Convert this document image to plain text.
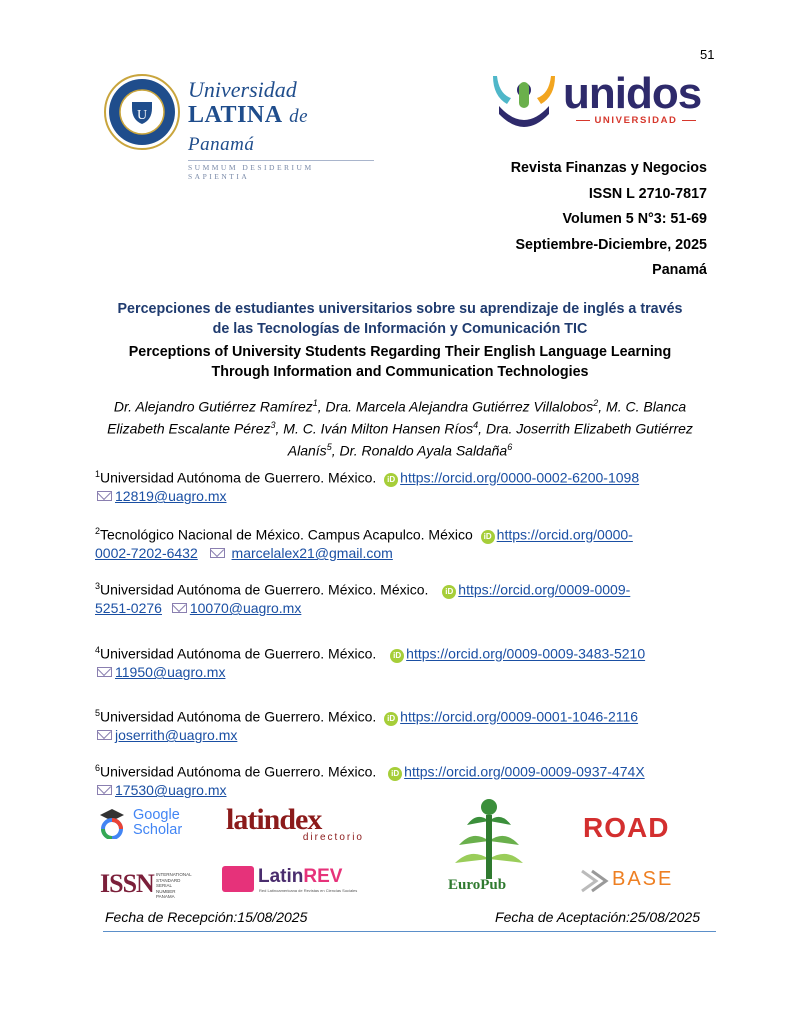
51
U
Universidad
LATINA de Panamá
SUMMUM DESIDERIUM SAPIENTIA
unidos
UNIVERSIDAD
Revista Finanzas y Negocios
ISSN L 2710-7817
Volumen 5 N°3: 51-69
Septiembre-Diciembre, 2025
Panamá
Percepciones de estudiantes universitarios sobre su aprendizaje de inglés a través
de las Tecnologías de Información y Comunicación TIC
Perceptions of University Students Regarding Their English Language Learning
Through Information and Communication Technologies
Dr. Alejandro Gutiérrez Ramírez$^1$, Dra. Marcela Alejandra Gutiérrez Villalobos$^2$, M. C. Blanca Elizabeth Escalante Pérez$^3$, M. C. Iván Milton Hansen Ríos$^4$, Dra. Joserrith Elizabeth Gutiérrez Alanís$^5$, Dr. Ronaldo Ayala Saldaña$^6$
$^1$Universidad Autónoma de Guerrero. México. iD https://orcid.org/0000-0002-6200-1098
12819@uagro.mx
$^2$Tecnológico Nacional de México. Campus Acapulco. México iD https://orcid.org/0000-
0002-7202-6432 marcelalex21@gmail.com
$^3$Universidad Autónoma de Guerrero. México. México. iD https://orcid.org/0009-0009-
5251-0276 10070@uagro.mx
$^4$Universidad Autónoma de Guerrero. México. iD https://orcid.org/0009-0009-3483-5210
11950@uagro.mx
$^5$Universidad Autónoma de Guerrero. México. iD https://orcid.org/0009-0001-1046-2116
joserrith@uagro.mx
$^6$Universidad Autónoma de Guerrero. México. iD https://orcid.org/0009-0009-0937-474X
17530@uagro.mx
Google
Scholar latindex
directorio
EuroPub
ROAD
ISSN INTERNATIONAL
STANDARD
SERIAL
NUMBER
PANAMA
LatinREV
Red Latinoamericana de Revistas en Ciencias Sociales
BASE
Fecha de Recepción:15/08/2025	Fecha de Aceptación:25/08/2025
